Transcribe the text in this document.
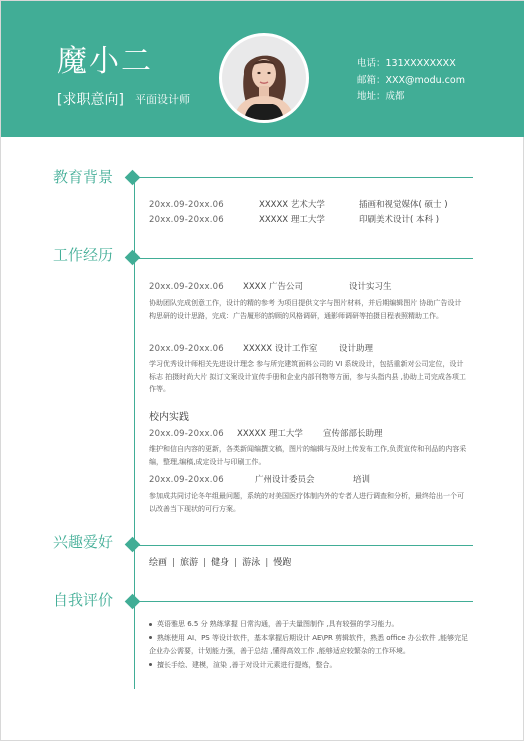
魔小二
[求职意向] 平面设计师
电话：131XXXXXXXX
邮箱：XXX@modu.com
地址：成都
教育背景
20xx.09-20xx.06	XXXXX 艺术大学	插画和视觉媒体( 硕士 )
20xx.09-20xx.06	XXXXX 理工大学	印刷美术设计( 本科 )
工作经历
20xx.09-20xx.06 XXXX 广告公司	设计实习生
协助团队完成创意工作，设计的精的参考 为项目提供文字与图片材料，并后期编辑图片 协助广告设计构思研的设计思路，完成：广告履形的韵顾的风格调研，通影师调研等拍摄目程表照精助工作。
20xx.09-20xx.06 XXXXX 设计工作室	设计助理
学习优秀设计师相关先进设计理念 参与所完建筑面料公司的 VI 系统设计，包括重新对公司定位，设计标志 拍摄时尚大片 拟订文案设计宣传手册和企业内部刊物等方面，参与头指内县 ,协助上司完成各项工作等。
校内实践
20xx.09-20xx.06 XXXXX 理工大学 宣传部部长助理
维护和信自内容的更新，各类新闻编撰文稿，图片的编辑与及时上传发布工作,负责宣传和刊品的内容采编，整理,编稿,成定设计与印刷工作。
20xx.09-20xx.06	广州设计委员会	培训
参加成共同讨论冬年组最问题，系统的对美国医疗体制内外的专者人进行调查和分析，最终给出一个可以改善当下现状的可行方案。
兴趣爱好
绘画 | 旅游 | 健身 | 游泳 | 慢跑
自我评价
英语雅思 6.5 分 熟练掌握 日常沟通，善于夫量图制作 ,具有较强的学习能力。
熟练使用 AI、PS 等设计软件，基本掌握后期设计 AE\PR 剪辑软件，熟悉 office 办公软件 ,能够完足企业办公需要，计划能力强，善于总结 ,懂得高效工作 ,能够适应较繁杂的工作环境。
擅长手绘、建模，渲染 ,善于对设计元素进行提炼，整合。
